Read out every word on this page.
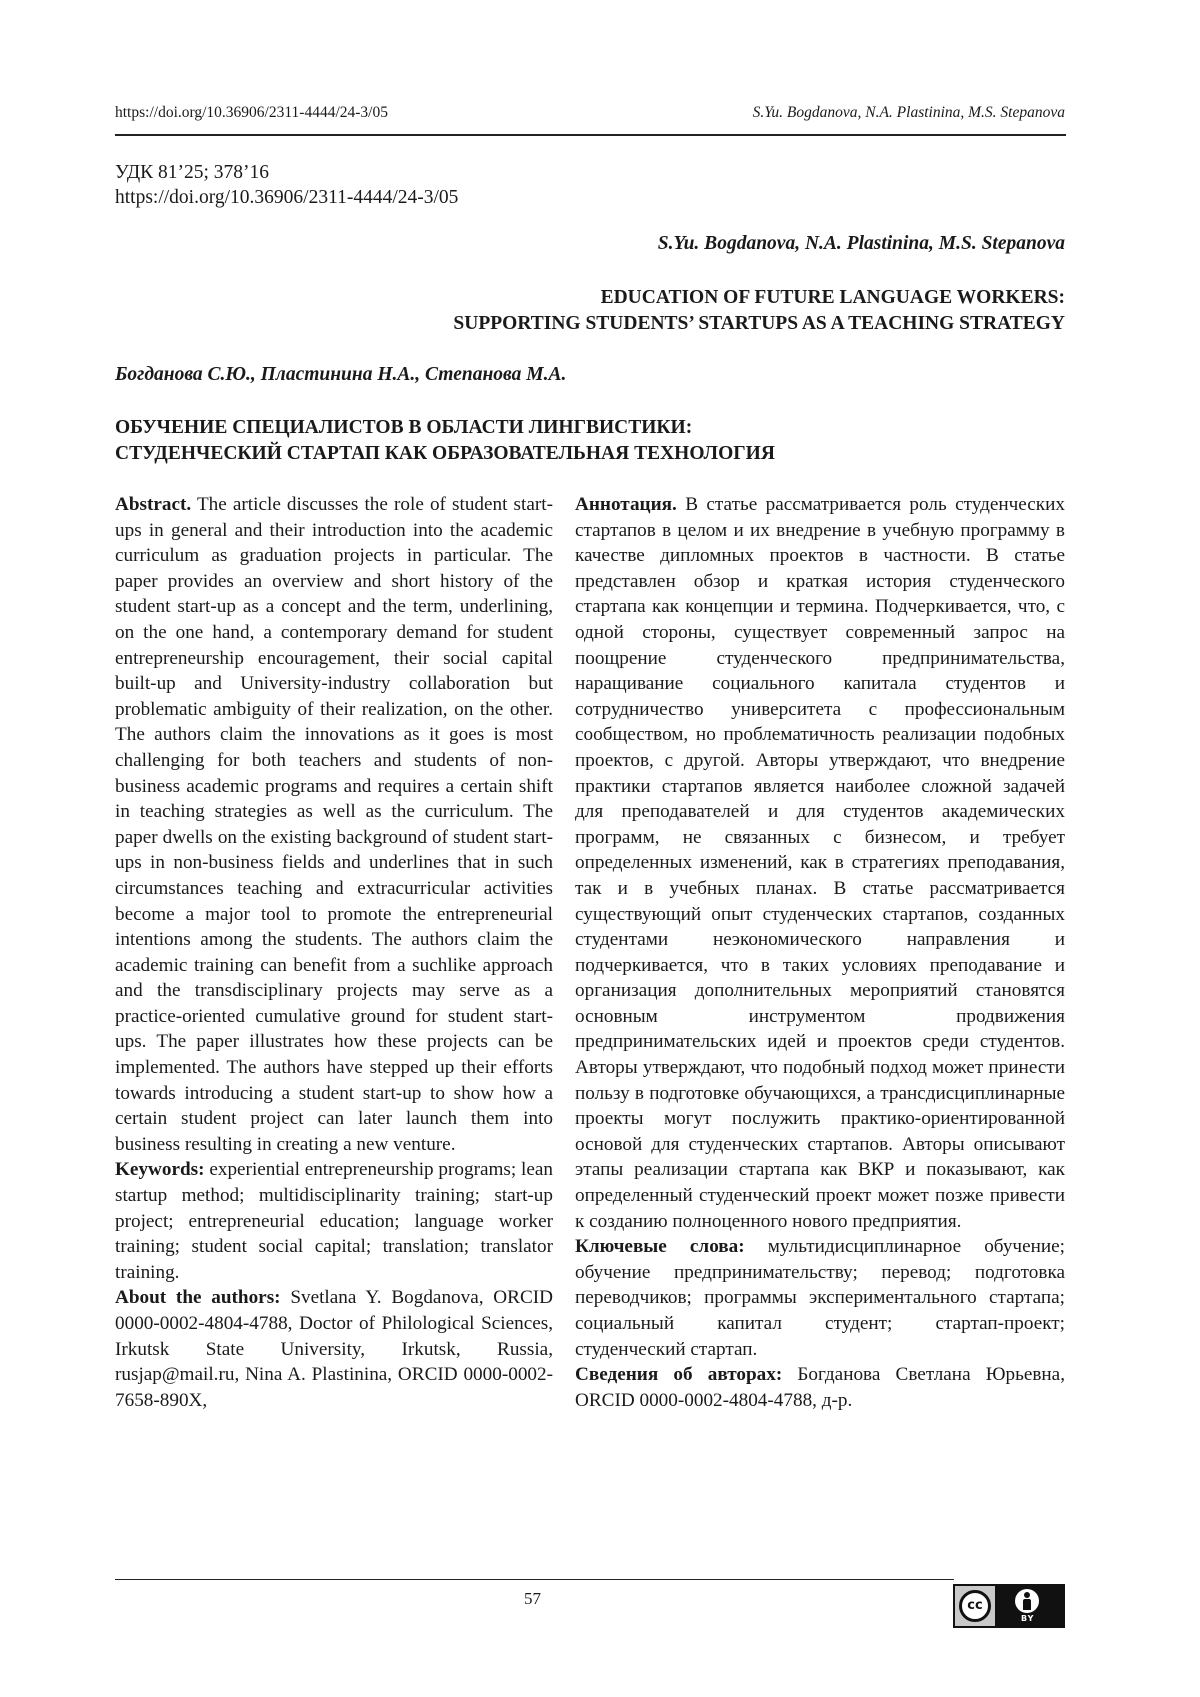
https://doi.org/10.36906/2311-4444/24-3/05	S.Yu. Bogdanova, N.A. Plastinina, M.S. Stepanova
УДК 81’25; 378’16
https://doi.org/10.36906/2311-4444/24-3/05
S.Yu. Bogdanova, N.A. Plastinina, M.S. Stepanova
EDUCATION OF FUTURE LANGUAGE WORKERS:
SUPPORTING STUDENTS’ STARTUPS AS A TEACHING STRATEGY
Богданова С.Ю., Пластинина Н.А., Степанова М.А.
ОБУЧЕНИЕ СПЕЦИАЛИСТОВ В ОБЛАСТИ ЛИНГВИСТИКИ:
СТУДЕНЧЕСКИЙ СТАРТАП КАК ОБРАЗОВАТЕЛЬНАЯ ТЕХНОЛОГИЯ

Abstract. The article discusses the role of student start-ups in general and their introduction into the academic curriculum as graduation projects in particular. The paper provides an overview and short history of the student start-up as a concept and the term, underlining, on the one hand, a contemporary demand for student entrepreneurship encouragement, their social capital built-up and University-industry collaboration but problematic ambiguity of their realization, on the other. The authors claim the innovations as it goes is most challenging for both teachers and students of non-business academic programs and requires a certain shift in teaching strategies as well as the curriculum. The paper dwells on the existing background of student start-ups in non-business fields and underlines that in such circumstances teaching and extracurricular activities become a major tool to promote the entrepreneurial intentions among the students. The authors claim the academic training can benefit from a suchlike approach and the transdisciplinary projects may serve as a practice-oriented cumulative ground for student start-ups. The paper illustrates how these projects can be implemented. The authors have stepped up their efforts towards introducing a student start-up to show how a certain student project can later launch them into business resulting in creating a new venture.

Keywords: experiential entrepreneurship programs; lean startup method; multidisciplinarity training; start-up project; entrepreneurial education; language worker training; student social capital; translation; translator training.

About the authors: Svetlana Y. Bogdanova, ORCID 0000-0002-4804-4788, Doctor of Philological Sciences, Irkutsk State University, Irkutsk, Russia, rusjap@mail.ru, Nina A. Plastinina, ORCID 0000-0002-7658-890X,

Аннотация. В статье рассматривается роль студенческих стартапов в целом и их внедрение в учебную программу в качестве дипломных проектов в частности. В статье представлен обзор и краткая история студенческого стартапа как концепции и термина. Подчеркивается, что, с одной стороны, существует современный запрос на поощрение студенческого предпринимательства, наращивание социального капитала студентов и сотрудничество университета с профессиональным сообществом, но проблематичность реализации подобных проектов, с другой. Авторы утверждают, что внедрение практики стартапов является наиболее сложной задачей для преподавателей и для студентов академических программ, не связанных с бизнесом, и требует определенных изменений, как в стратегиях преподавания, так и в учебных планах. В статье рассматривается существующий опыт студенческих стартапов, созданных студентами неэкономического направления и подчеркивается, что в таких условиях преподавание и организация дополнительных мероприятий становятся основным инструментом продвижения предпринимательских идей и проектов среди студентов. Авторы утверждают, что подобный подход может принести пользу в подготовке обучающихся, а трансдисциплинарные проекты могут послужить практико-ориентированной основой для студенческих стартапов. Авторы описывают этапы реализации стартапа как ВКР и показывают, как определенный студенческий проект может позже привести к созданию полноценного нового предприятия.

Ключевые слова: мультидисциплинарное обучение; обучение предпринимательству; перевод; подготовка переводчиков; программы экспериментального стартапа; социальный капитал студент; стартап-проект; студенческий стартап.

Сведения об авторах: Богданова Светлана Юрьевна, ORCID 0000-0002-4804-4788, д-р.

57	cc
BY
